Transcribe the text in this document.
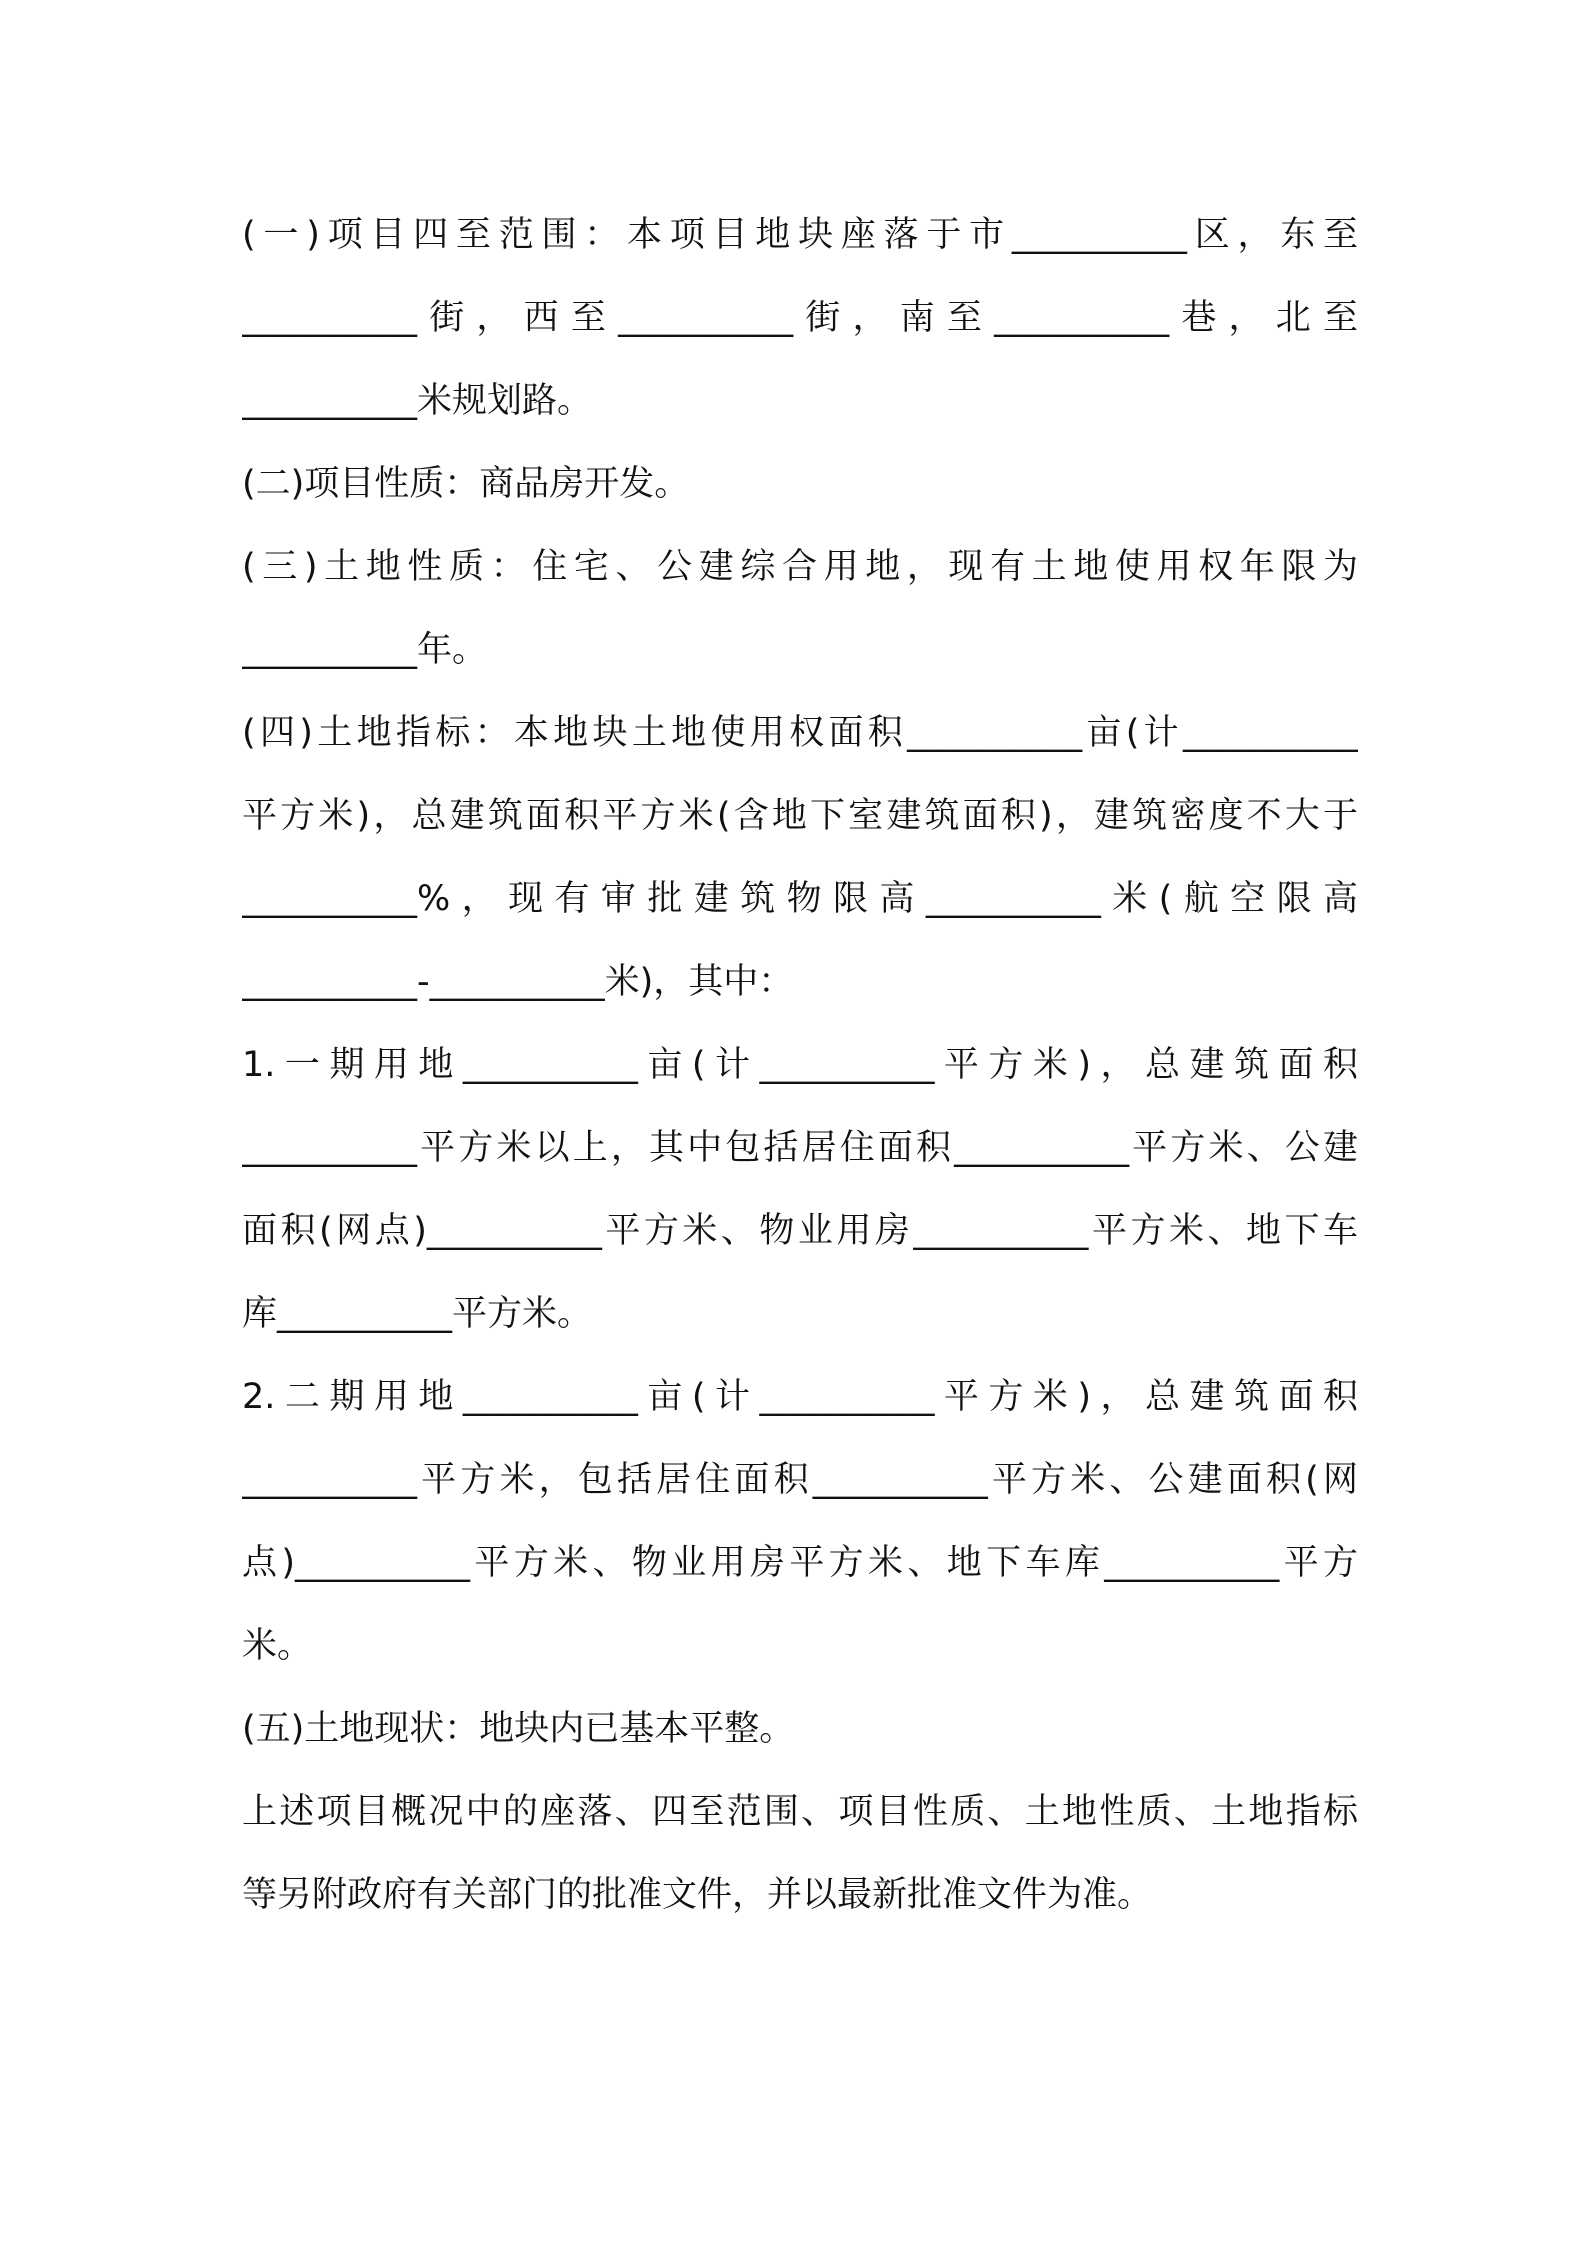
(一)项目四至范围：本项目地块座落于市__________区，东至
__________街，西至__________街，南至__________巷，北至
__________米规划路。
(二)项目性质：商品房开发。
(三)土地性质：住宅、公建综合用地，现有土地使用权年限为
__________年。
(四)土地指标：本地块土地使用权面积__________亩(计__________
平方米)，总建筑面积平方米(含地下室建筑面积)，建筑密度不大于
__________%，现有审批建筑物限高__________米(航空限高
__________-__________米)，其中：
1.一期用地__________亩(计__________平方米)，总建筑面积
__________平方米以上，其中包括居住面积__________平方米、公建
面积(网点)__________平方米、物业用房__________平方米、地下车
库__________平方米。
2.二期用地__________亩(计__________平方米)，总建筑面积
__________平方米，包括居住面积__________平方米、公建面积(网
点)__________平方米、物业用房平方米、地下车库__________平方
米。
(五)土地现状：地块内已基本平整。
上述项目概况中的座落、四至范围、项目性质、土地性质、土地指标
等另附政府有关部门的批准文件，并以最新批准文件为准。
